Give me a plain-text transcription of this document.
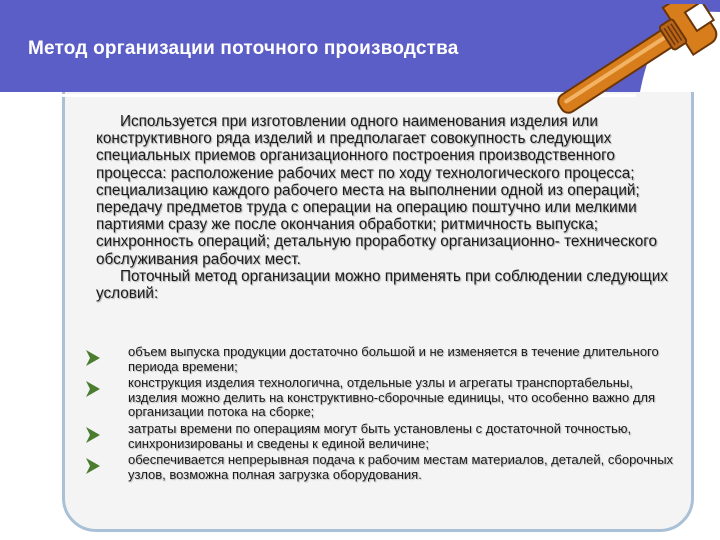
Метод организации поточного производства

Используется при изготовлении одного наименования изделия или конструктивного ряда изделий и предполагает совокупность следующих специальных приемов организационного построения производственного процесса: расположение рабочих мест по ходу технологического процесса; специализацию каждого рабочего места на выполнении одной из операций; передачу предметов труда с операции на операцию поштучно или мелкими партиями сразу же после окончания обработки; ритмичность выпуска; синхронность операций; детальную проработку организационно- технического обслуживания рабочих мест.

Поточный метод организации можно применять при соблюдении следующих условий:

объем выпуска продукции достаточно большой и не изменяется в течение длительного периода времени;
конструкция изделия технологична, отдельные узлы и агрегаты транспортабельны, изделия можно делить на конструктивно-сборочные единицы, что особенно важно для организации потока на сборке;
затраты времени по операциям могут быть установлены с достаточной точностью, синхронизированы и сведены к единой величине;
обеспечивается непрерывная подача к рабочим местам материалов, деталей, сборочных узлов, возможна полная загрузка оборудования.
